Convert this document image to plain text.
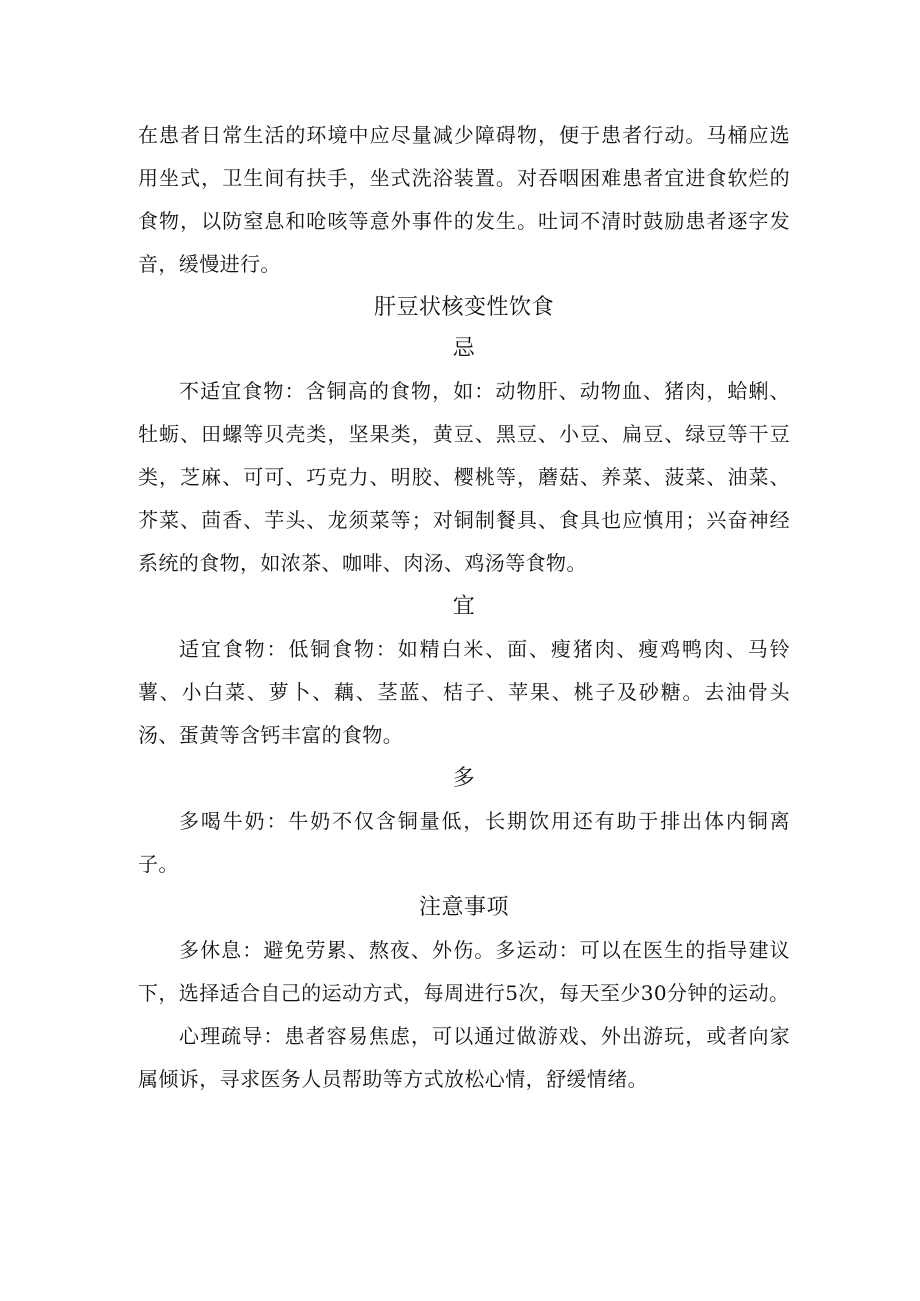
在患者日常生活的环境中应尽量减少障碍物，便于患者行动。马桶应选用坐式，卫生间有扶手，坐式洗浴装置。对吞咽困难患者宜进食软烂的食物，以防窒息和呛咳等意外事件的发生。吐词不清时鼓励患者逐字发音，缓慢进行。

肝豆状核变性饮食
忌

不适宜食物：含铜高的食物，如：动物肝、动物血、猪肉，蛤蜊、牡蛎、田螺等贝壳类，坚果类，黄豆、黑豆、小豆、扁豆、绿豆等干豆类，芝麻、可可、巧克力、明胶、樱桃等，蘑菇、养菜、菠菜、油菜、芥菜、茴香、芋头、龙须菜等；对铜制餐具、食具也应慎用；兴奋神经系统的食物，如浓茶、咖啡、肉汤、鸡汤等食物。

宜

适宜食物：低铜食物：如精白米、面、瘦猪肉、瘦鸡鸭肉、马铃薯、小白菜、萝卜、藕、茎蓝、桔子、苹果、桃子及砂糖。去油骨头汤、蛋黄等含钙丰富的食物。

多

多喝牛奶：牛奶不仅含铜量低，长期饮用还有助于排出体内铜离子。

注意事项

多休息：避免劳累、熬夜、外伤。多运动：可以在医生的指导建议下，选择适合自己的运动方式，每周进行5次，每天至少30分钟的运动。

心理疏导：患者容易焦虑，可以通过做游戏、外出游玩，或者向家属倾诉，寻求医务人员帮助等方式放松心情，舒缓情绪。
